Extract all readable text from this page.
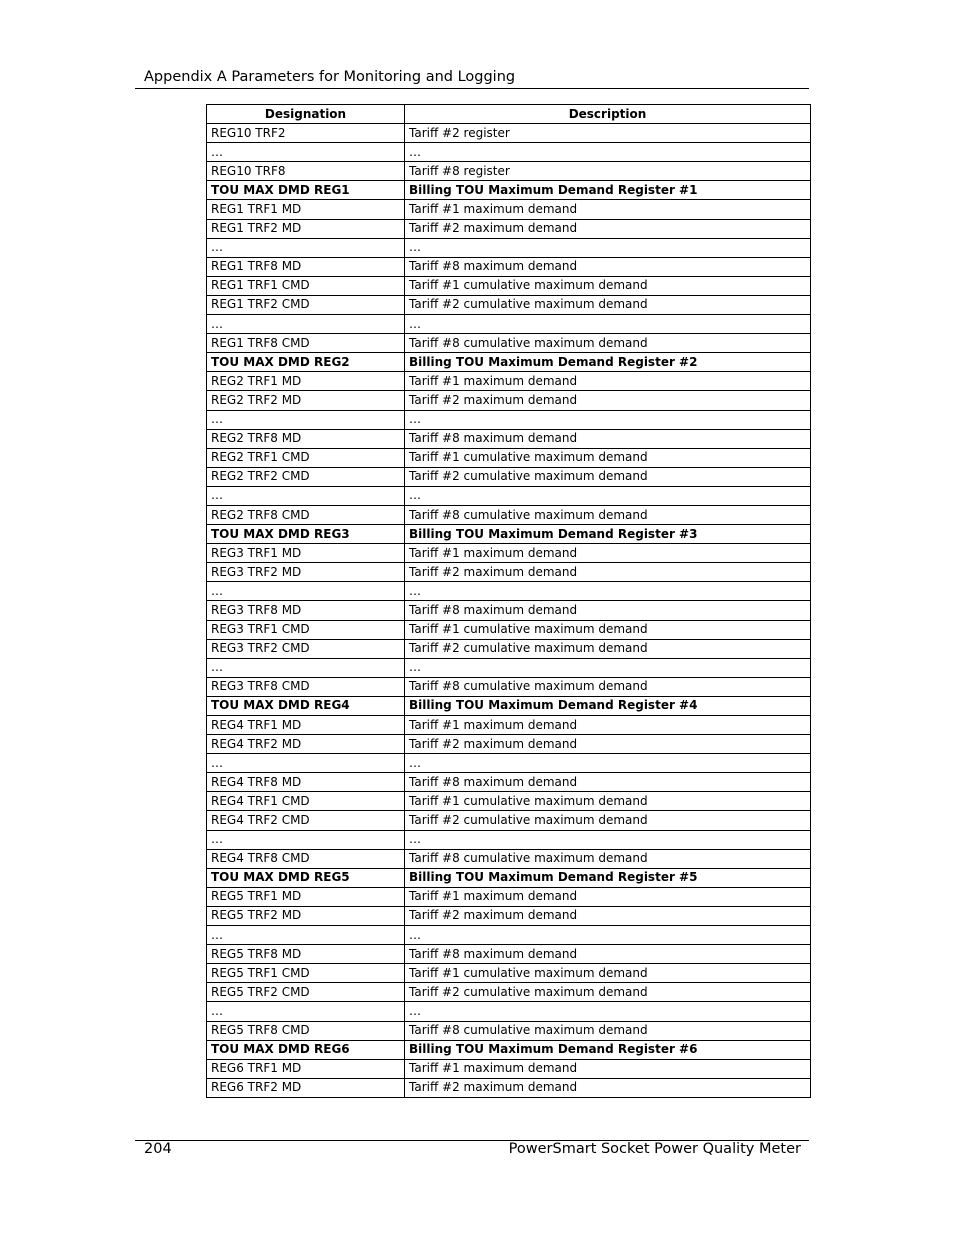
Appendix A Parameters for Monitoring and Logging
Designation	Description
REG10 TRF2	Tariff #2 register
…	…
REG10 TRF8	Tariff #8 register
TOU MAX DMD REG1	Billing TOU Maximum Demand Register #1
REG1 TRF1 MD	Tariff #1 maximum demand
REG1 TRF2 MD	Tariff #2 maximum demand
…	…
REG1 TRF8 MD	Tariff #8 maximum demand
REG1 TRF1 CMD	Tariff #1 cumulative maximum demand
REG1 TRF2 CMD	Tariff #2 cumulative maximum demand
…	…
REG1 TRF8 CMD	Tariff #8 cumulative maximum demand
TOU MAX DMD REG2	Billing TOU Maximum Demand Register #2
REG2 TRF1 MD	Tariff #1 maximum demand
REG2 TRF2 MD	Tariff #2 maximum demand
…	…
REG2 TRF8 MD	Tariff #8 maximum demand
REG2 TRF1 CMD	Tariff #1 cumulative maximum demand
REG2 TRF2 CMD	Tariff #2 cumulative maximum demand
…	…
REG2 TRF8 CMD	Tariff #8 cumulative maximum demand
TOU MAX DMD REG3	Billing TOU Maximum Demand Register #3
REG3 TRF1 MD	Tariff #1 maximum demand
REG3 TRF2 MD	Tariff #2 maximum demand
…	…
REG3 TRF8 MD	Tariff #8 maximum demand
REG3 TRF1 CMD	Tariff #1 cumulative maximum demand
REG3 TRF2 CMD	Tariff #2 cumulative maximum demand
…	…
REG3 TRF8 CMD	Tariff #8 cumulative maximum demand
TOU MAX DMD REG4	Billing TOU Maximum Demand Register #4
REG4 TRF1 MD	Tariff #1 maximum demand
REG4 TRF2 MD	Tariff #2 maximum demand
…	…
REG4 TRF8 MD	Tariff #8 maximum demand
REG4 TRF1 CMD	Tariff #1 cumulative maximum demand
REG4 TRF2 CMD	Tariff #2 cumulative maximum demand
…	…
REG4 TRF8 CMD	Tariff #8 cumulative maximum demand
TOU MAX DMD REG5	Billing TOU Maximum Demand Register #5
REG5 TRF1 MD	Tariff #1 maximum demand
REG5 TRF2 MD	Tariff #2 maximum demand
…	…
REG5 TRF8 MD	Tariff #8 maximum demand
REG5 TRF1 CMD	Tariff #1 cumulative maximum demand
REG5 TRF2 CMD	Tariff #2 cumulative maximum demand
…	…
REG5 TRF8 CMD	Tariff #8 cumulative maximum demand
TOU MAX DMD REG6	Billing TOU Maximum Demand Register #6
REG6 TRF1 MD	Tariff #1 maximum demand
REG6 TRF2 MD	Tariff #2 maximum demand
204	PowerSmart Socket Power Quality Meter
